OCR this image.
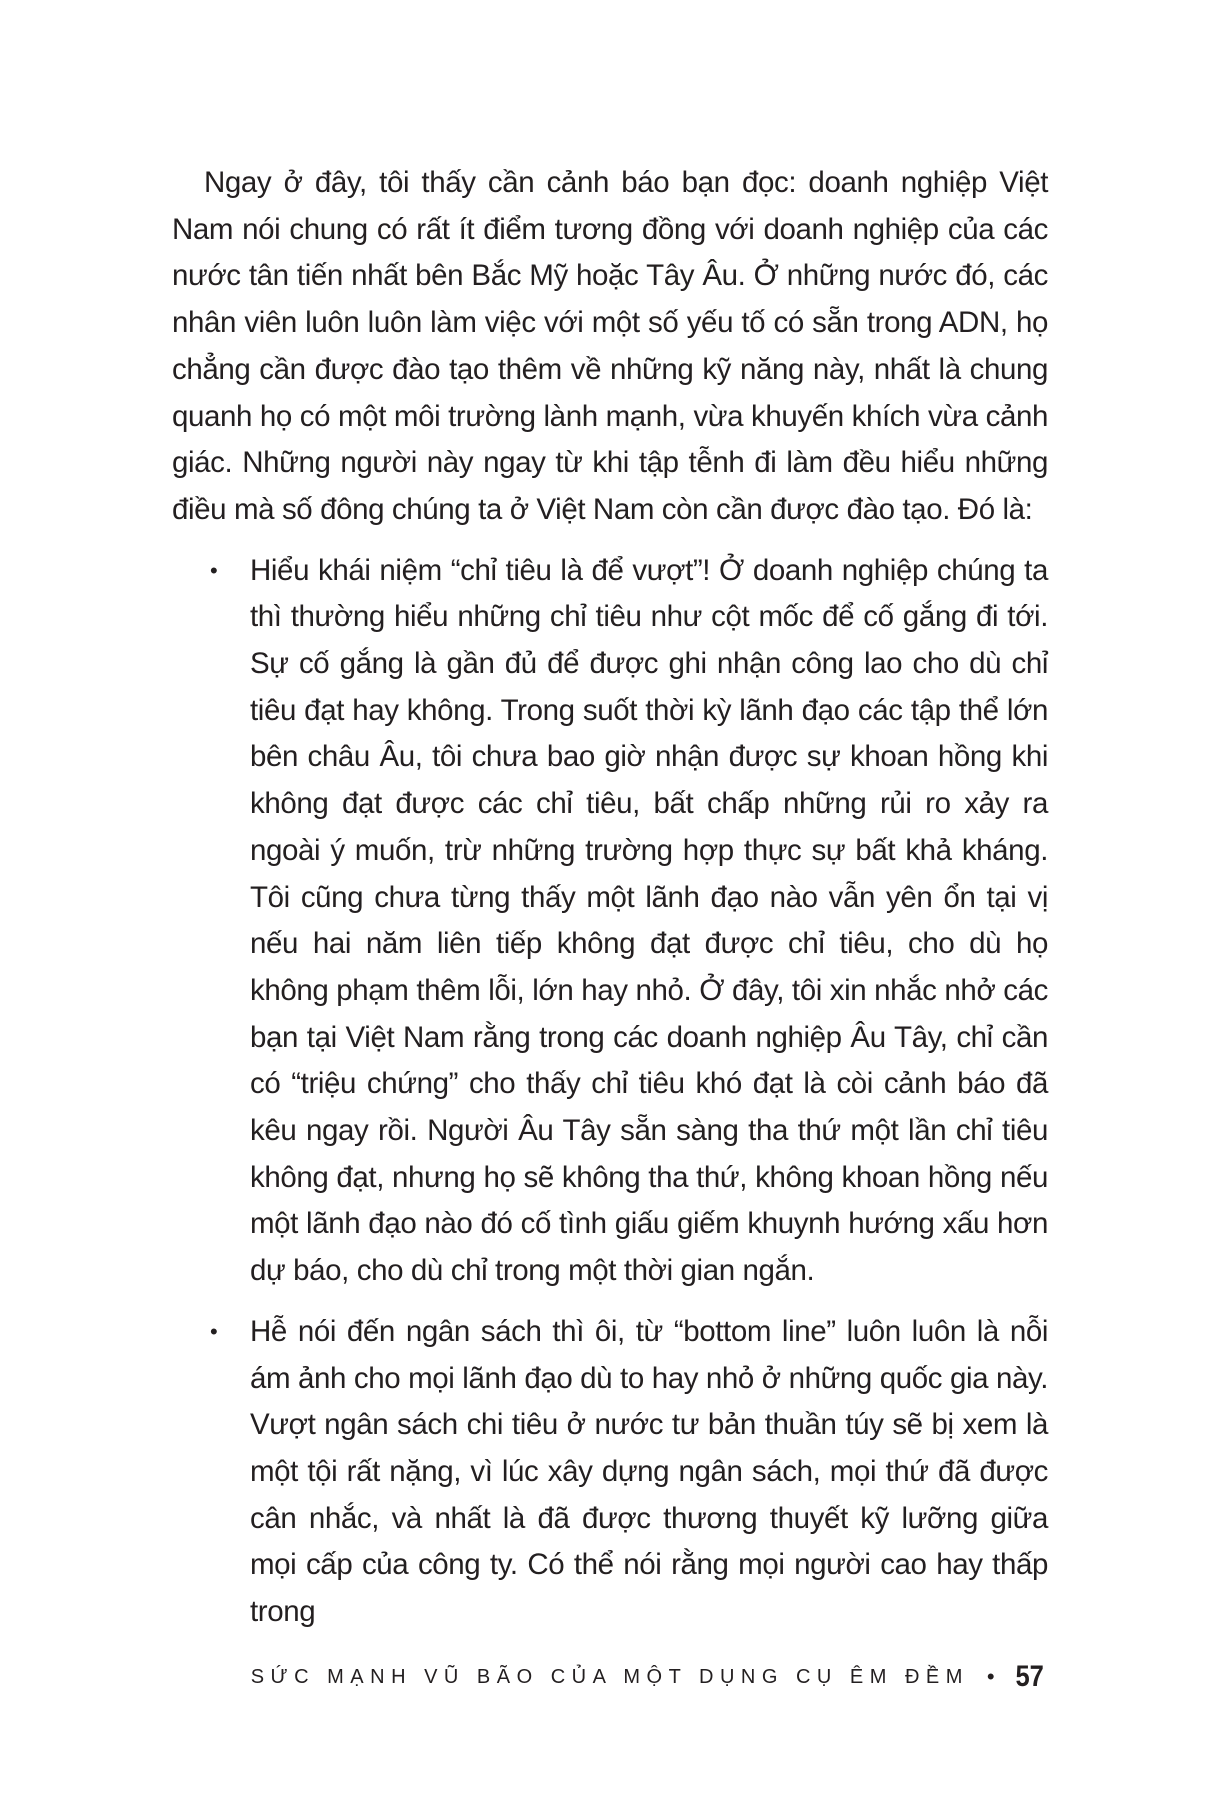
Ngay ở đây, tôi thấy cần cảnh báo bạn đọc: doanh nghiệp Việt Nam nói chung có rất ít điểm tương đồng với doanh nghiệp của các nước tân tiến nhất bên Bắc Mỹ hoặc Tây Âu. Ở những nước đó, các nhân viên luôn luôn làm việc với một số yếu tố có sẵn trong ADN, họ chẳng cần được đào tạo thêm về những kỹ năng này, nhất là chung quanh họ có một môi trường lành mạnh, vừa khuyến khích vừa cảnh giác. Những người này ngay từ khi tập tễnh đi làm đều hiểu những điều mà số đông chúng ta ở Việt Nam còn cần được đào tạo. Đó là:

• Hiểu khái niệm “chỉ tiêu là để vượt”! Ở doanh nghiệp chúng ta thì thường hiểu những chỉ tiêu như cột mốc để cố gắng đi tới. Sự cố gắng là gần đủ để được ghi nhận công lao cho dù chỉ tiêu đạt hay không. Trong suốt thời kỳ lãnh đạo các tập thể lớn bên châu Âu, tôi chưa bao giờ nhận được sự khoan hồng khi không đạt được các chỉ tiêu, bất chấp những rủi ro xảy ra ngoài ý muốn, trừ những trường hợp thực sự bất khả kháng. Tôi cũng chưa từng thấy một lãnh đạo nào vẫn yên ổn tại vị nếu hai năm liên tiếp không đạt được chỉ tiêu, cho dù họ không phạm thêm lỗi, lớn hay nhỏ. Ở đây, tôi xin nhắc nhở các bạn tại Việt Nam rằng trong các doanh nghiệp Âu Tây, chỉ cần có “triệu chứng” cho thấy chỉ tiêu khó đạt là còi cảnh báo đã kêu ngay rồi. Người Âu Tây sẵn sàng tha thứ một lần chỉ tiêu không đạt, nhưng họ sẽ không tha thứ, không khoan hồng nếu một lãnh đạo nào đó cố tình giấu giếm khuynh hướng xấu hơn dự báo, cho dù chỉ trong một thời gian ngắn.
• Hễ nói đến ngân sách thì ôi, từ “bottom line” luôn luôn là nỗi ám ảnh cho mọi lãnh đạo dù to hay nhỏ ở những quốc gia này. Vượt ngân sách chi tiêu ở nước tư bản thuần túy sẽ bị xem là một tội rất nặng, vì lúc xây dựng ngân sách, mọi thứ đã được cân nhắc, và nhất là đã được thương thuyết kỹ lưỡng giữa mọi cấp của công ty. Có thể nói rằng mọi người cao hay thấp trong
SỨC MẠNH VŨ BÃO CỦA MỘT DỤNG CỤ ÊM ĐỀM • 57
